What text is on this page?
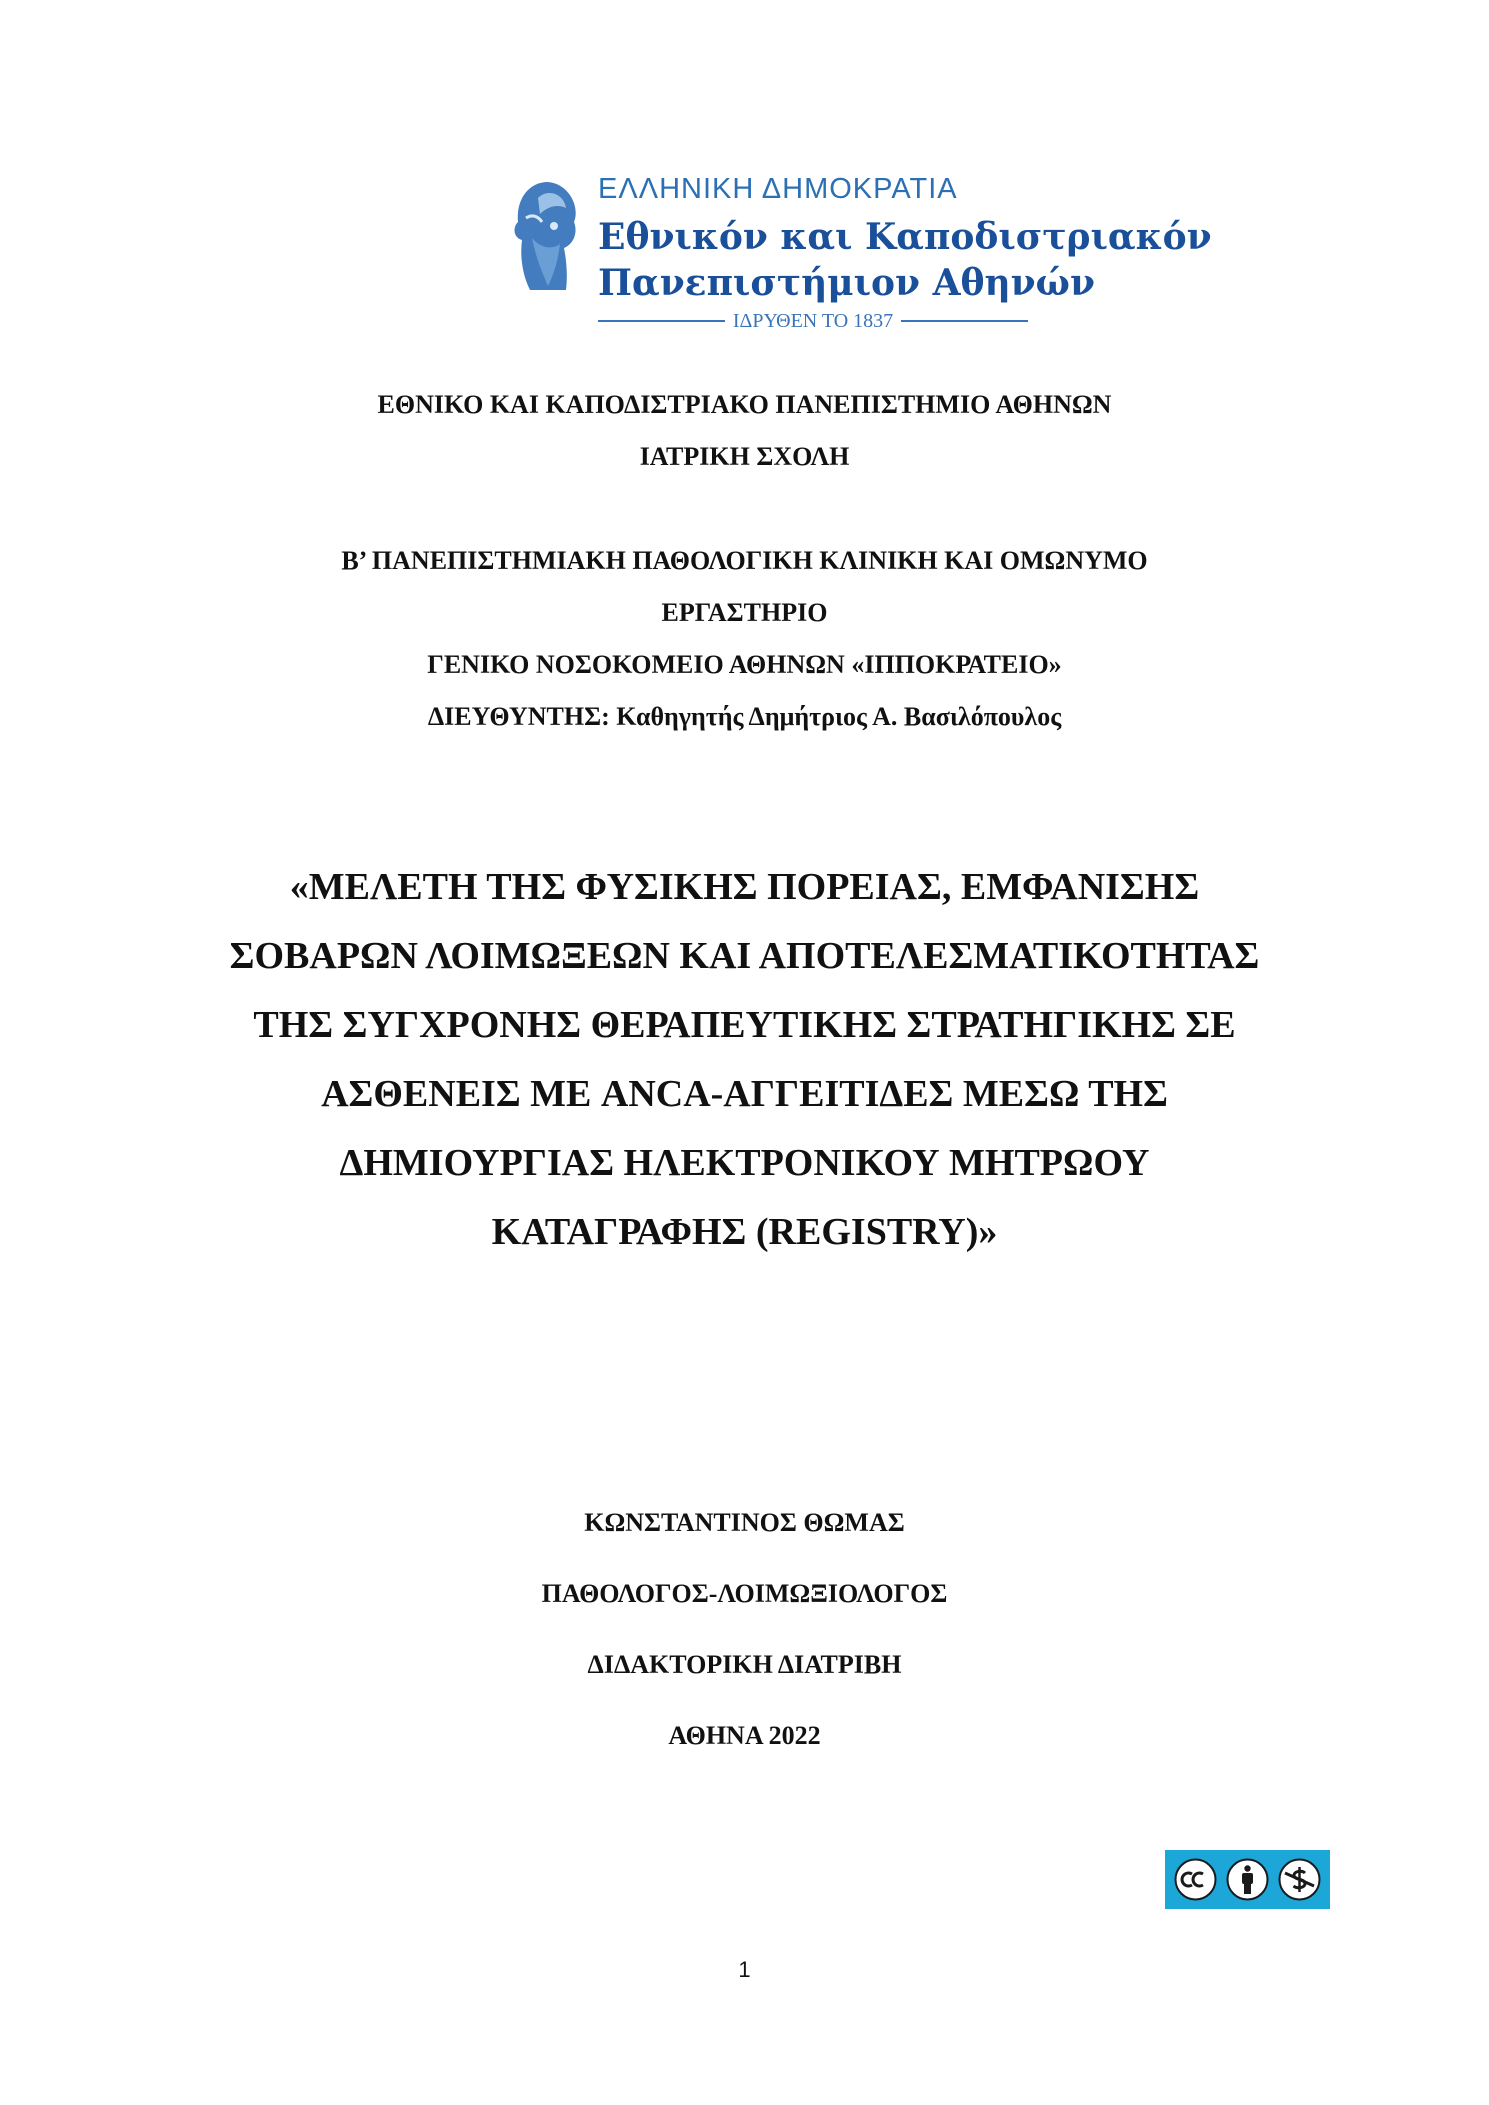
ΕΛΛΗΝΙΚΗ ΔΗΜΟΚΡΑΤΙΑ
Εθνικόν και Καποδιστριακόν
Πανεπιστήμιον Αθηνών
ΙΔΡΥΘΕΝ ΤΟ 1837

ΕΘΝΙΚΟ ΚΑΙ ΚΑΠΟΔΙΣΤΡΙΑΚΟ ΠΑΝΕΠΙΣΤΗΜΙΟ ΑΘΗΝΩΝ

ΙΑΤΡΙΚΗ ΣΧΟΛΗ

Β’ ΠΑΝΕΠΙΣΤΗΜΙΑΚΗ ΠΑΘΟΛΟΓΙΚΗ ΚΛΙΝΙΚΗ ΚΑΙ ΟΜΩΝΥΜΟ

ΕΡΓΑΣΤΗΡΙΟ

ΓΕΝΙΚΟ ΝΟΣΟΚΟΜΕΙΟ ΑΘΗΝΩΝ «ΙΠΠΟΚΡΑΤΕΙΟ»

ΔΙΕΥΘΥΝΤΗΣ: Καθηγητής Δημήτριος Α. Βασιλόπουλος

«ΜΕΛΕΤΗ ΤΗΣ ΦΥΣΙΚΗΣ ΠΟΡΕΙΑΣ, ΕΜΦΑΝΙΣΗΣ

ΣΟΒΑΡΩΝ ΛΟΙΜΩΞΕΩΝ ΚΑΙ ΑΠΟΤΕΛΕΣΜΑΤΙΚΟΤΗΤΑΣ

ΤΗΣ ΣΥΓΧΡΟΝΗΣ ΘΕΡΑΠΕΥΤΙΚΗΣ ΣΤΡΑΤΗΓΙΚΗΣ ΣΕ

ΑΣΘΕΝΕΙΣ ΜΕ ANCA-ΑΓΓΕΙΤΙΔΕΣ ΜΕΣΩ ΤΗΣ

ΔΗΜΙΟΥΡΓΙΑΣ ΗΛΕΚΤΡΟΝΙΚΟΥ ΜΗΤΡΩΟΥ

ΚΑΤΑΓΡΑΦΗΣ (REGISTRY)»

ΚΩΝΣΤΑΝΤΙΝΟΣ ΘΩΜΑΣ

ΠΑΘΟΛΟΓΟΣ-ΛΟΙΜΩΞΙΟΛΟΓΟΣ

ΔΙΔΑΚΤΟΡΙΚΗ ΔΙΑΤΡΙΒΗ

ΑΘΗΝΑ 2022

1
